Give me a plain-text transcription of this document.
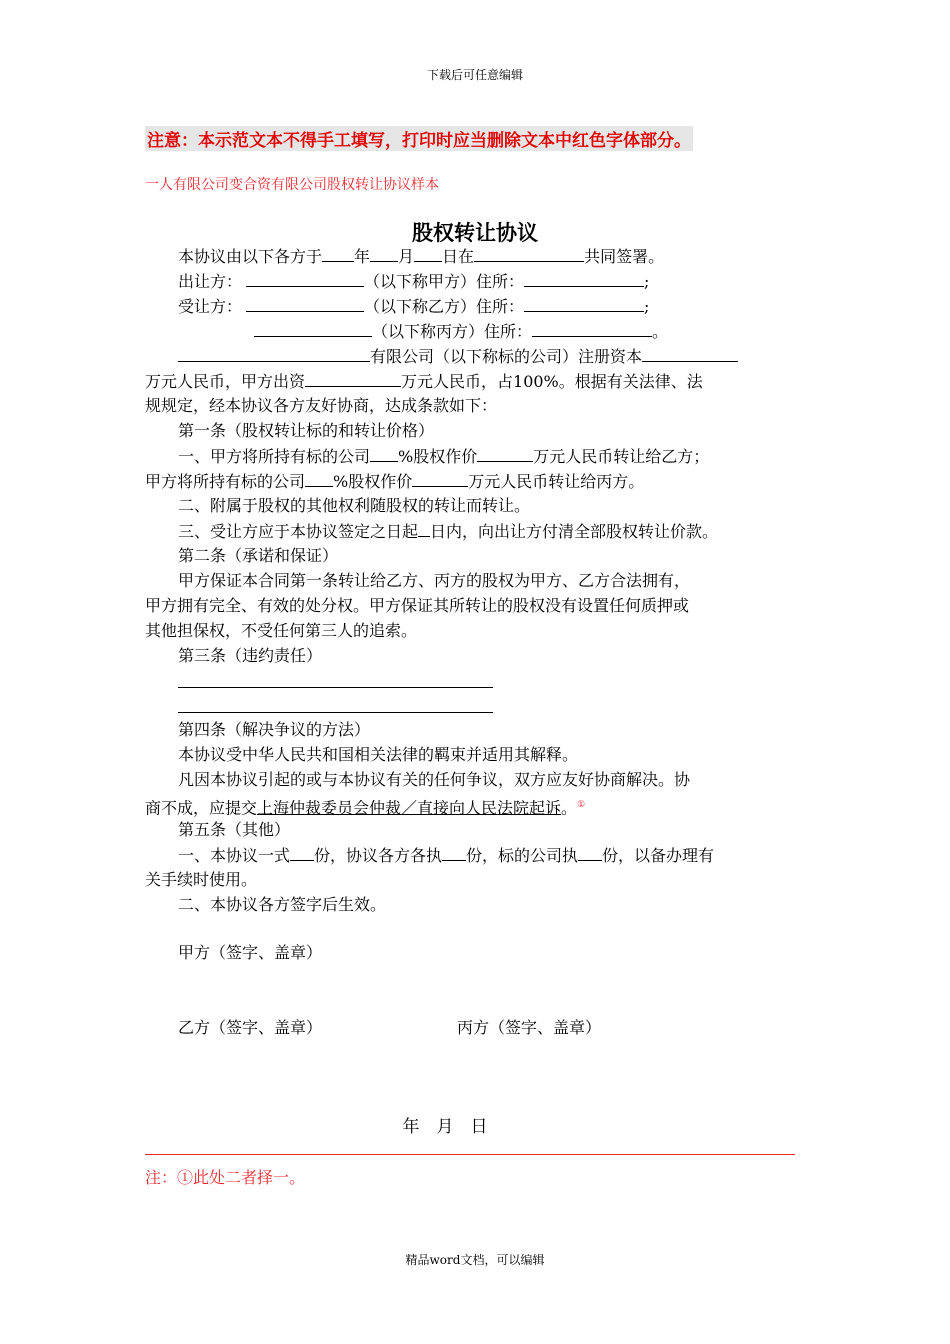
下载后可任意编辑
注意：本示范文本不得手工填写，打印时应当删除文本中红色字体部分。
一人有限公司变合资有限公司股权转让协议样本
股权转让协议
本协议由以下各方于 年 月 日在	共同签署。
出让方：	（以下称甲方）住所：	;
受让方：	（以下称乙方）住所：	;
（以下称丙方）住所：	。
有限公司（以下称标的公司）注册资本
万元人民币，甲方出资	万元人民币，占100%。根据有关法律、法
规规定，经本协议各方友好协商，达成条款如下：
第一条（股权转让标的和转让价格）
一、甲方将所持有标的公司 %股权作价	万元人民币转让给乙方；
甲方将所持有标的公司 %股权作价	万元人民币转让给丙方。
二、附属于股权的其他权利随股权的转让而转让。
三、受让方应于本协议签定之日起 日内，向出让方付清全部股权转让价款。
第二条（承诺和保证）
甲方保证本合同第一条转让给乙方、丙方的股权为甲方、乙方合法拥有，
甲方拥有完全、有效的处分权。甲方保证其所转让的股权没有设置任何质押或
其他担保权，不受任何第三人的追索。
第三条（违约责任）
第四条（解决争议的方法）
本协议受中华人民共和国相关法律的羁束并适用其解释。
凡因本协议引起的或与本协议有关的任何争议，双方应友好协商解决。协
商不成，应提交上海仲裁委员会仲裁／直接向人民法院起诉。①
第五条（其他）
一、本协议一式 份，协议各方各执 份，标的公司执 份，以备办理有
关手续时使用。
二、本协议各方签字后生效。
甲方（签字、盖章）
乙方（签字、盖章）	丙方（签字、盖章）
年　月　日
注：①此处二者择一。
精品word文档，可以编辑
